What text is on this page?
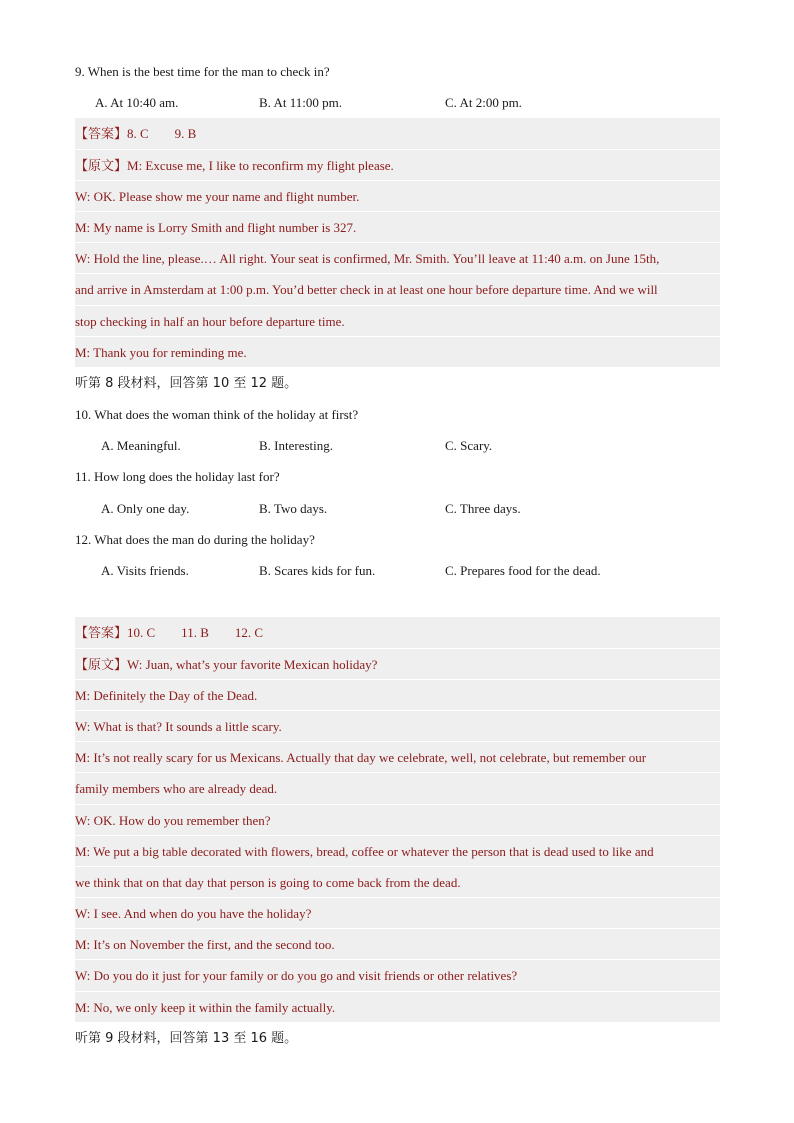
9. When is the best time for the man to check in?
A. At 10:40 am.	B. At 11:00 pm.	C. At 2:00 pm.
【答案】8. C        9. B
【原文】M: Excuse me, I like to reconfirm my flight please.
W: OK. Please show me your name and flight number.
M: My name is Lorry Smith and flight number is 327.
W: Hold the line, please.… All right. Your seat is confirmed, Mr. Smith. You’ll leave at 11:40 a.m. on June 15th,
and arrive in Amsterdam at 1:00 p.m. You’d better check in at least one hour before departure time. And we will
stop checking in half an hour before departure time.
M: Thank you for reminding me.
听第 8 段材料，回答第 10 至 12 题。
10. What does the woman think of the holiday at first?
A. Meaningful.	B. Interesting.	C. Scary.
11. How long does the holiday last for?
A. Only one day.	B. Two days.	C. Three days.
12. What does the man do during the holiday?
A. Visits friends.	B. Scares kids for fun.	C. Prepares food for the dead.
【答案】10. C        11. B        12. C
【原文】W: Juan, what’s your favorite Mexican holiday?
M: Definitely the Day of the Dead.
W: What is that? It sounds a little scary.
M: It’s not really scary for us Mexicans. Actually that day we celebrate, well, not celebrate, but remember our
family members who are already dead.
W: OK. How do you remember then?
M: We put a big table decorated with flowers, bread, coffee or whatever the person that is dead used to like and
we think that on that day that person is going to come back from the dead.
W: I see. And when do you have the holiday?
M: It’s on November the first, and the second too.
W: Do you do it just for your family or do you go and visit friends or other relatives?
M: No, we only keep it within the family actually.
听第 9 段材料，回答第 13 至 16 题。
